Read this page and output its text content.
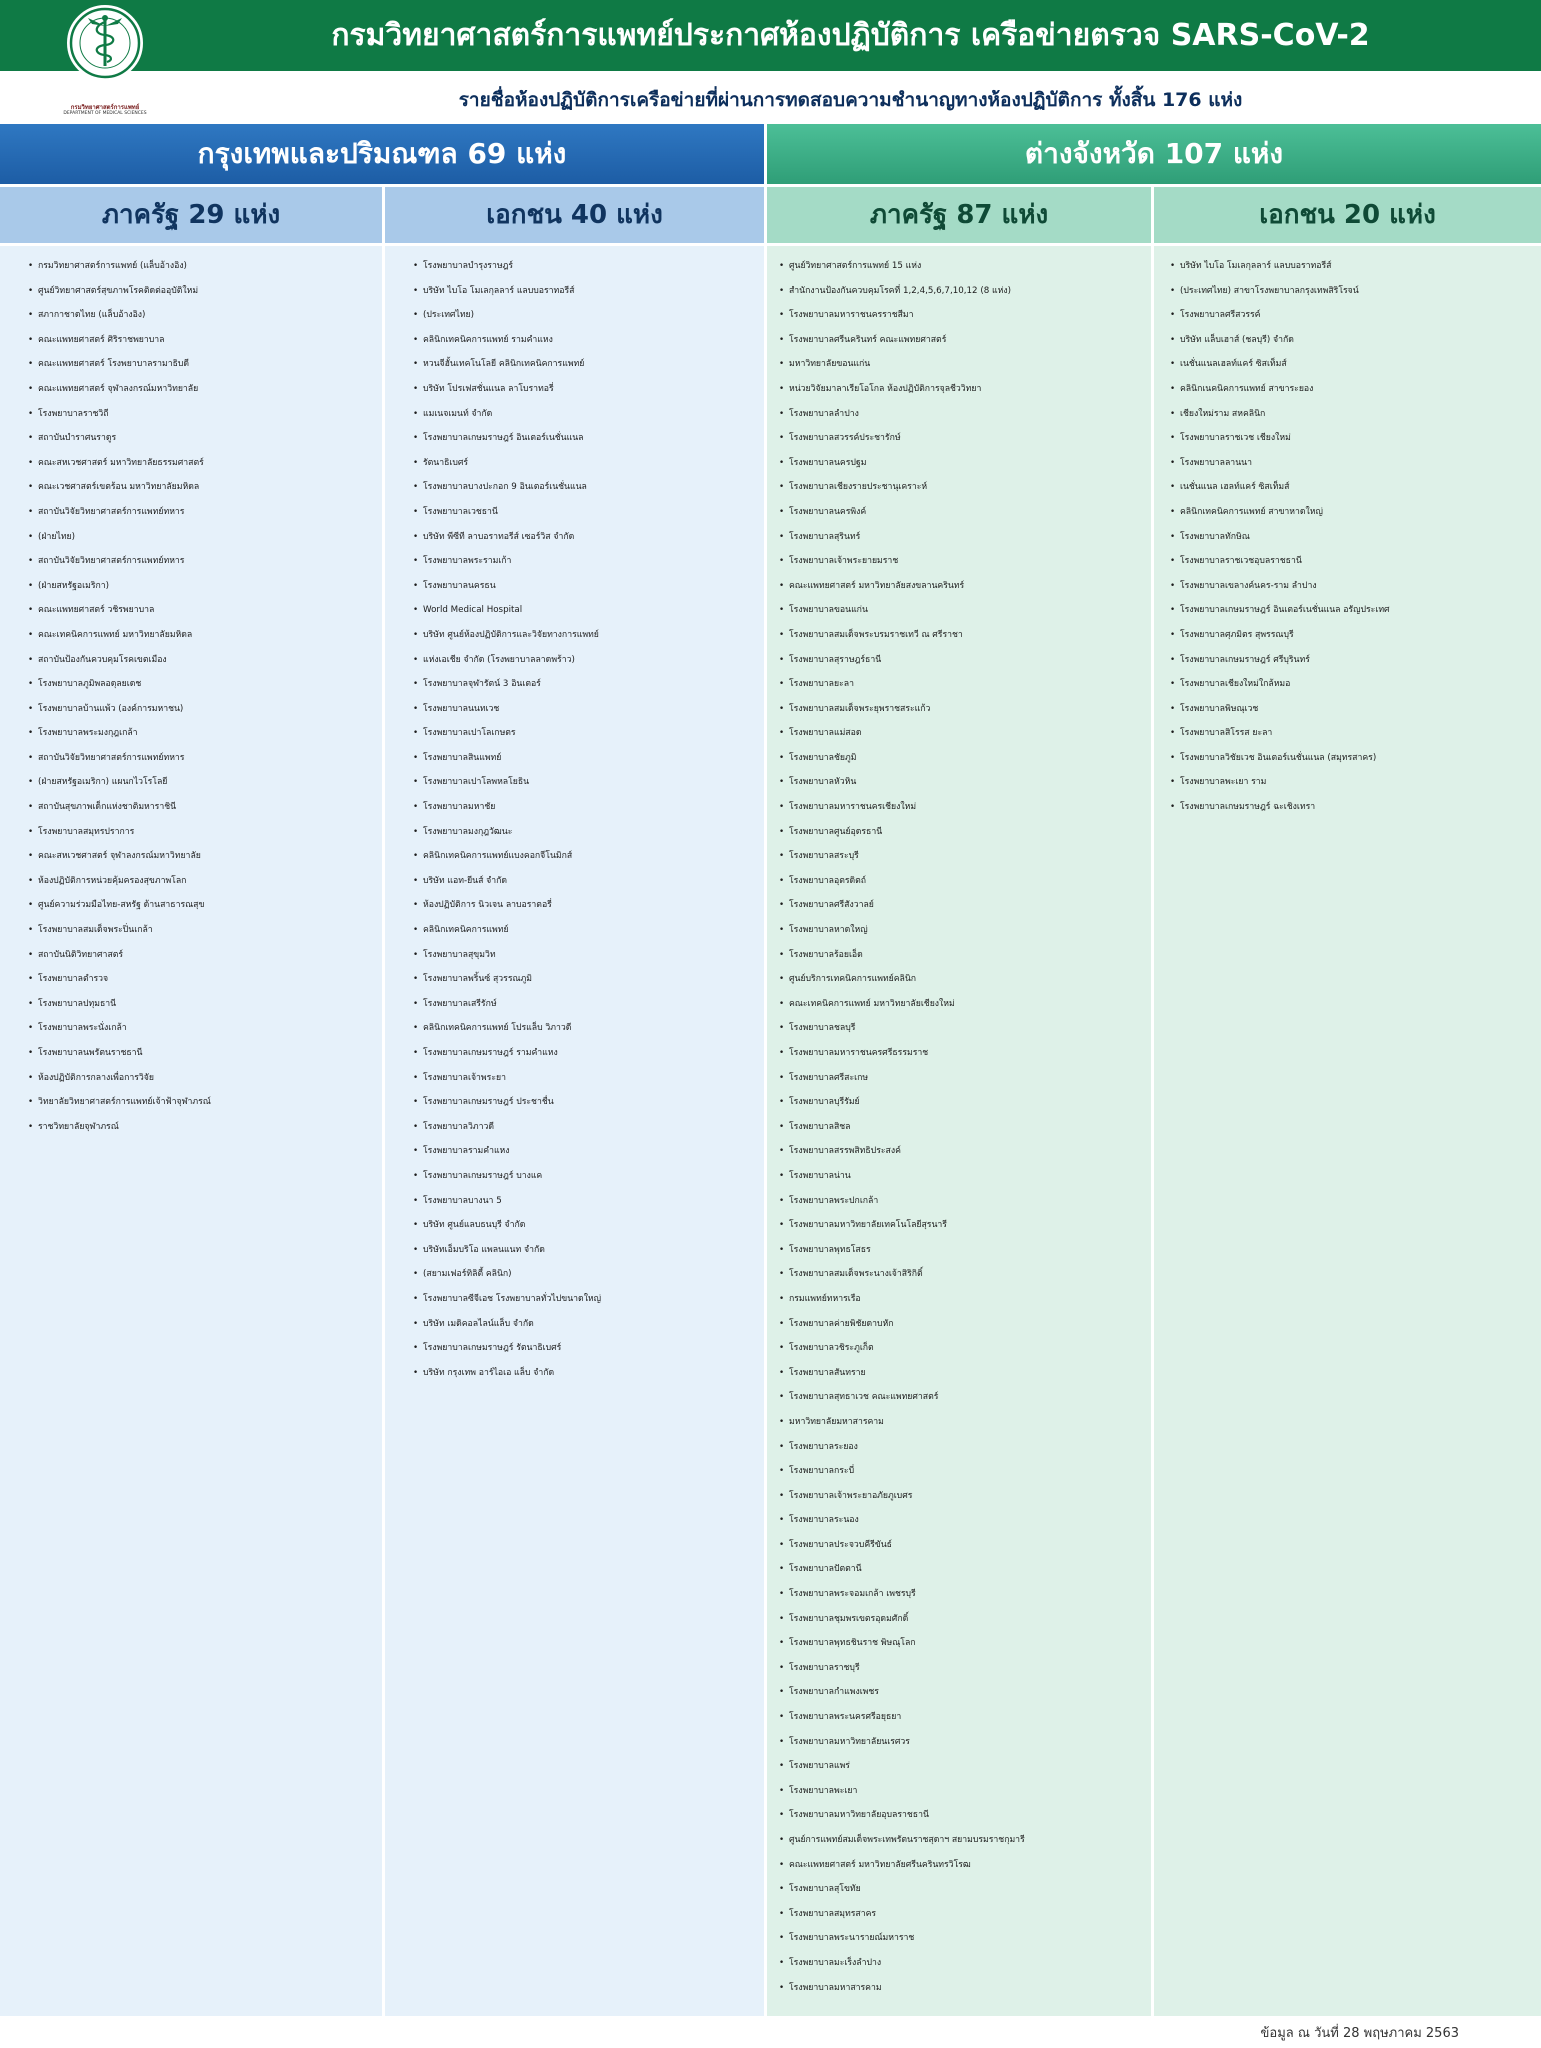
กรมวิทยาศาสตร์การแพทย์ประกาศห้องปฏิบัติการ เครือข่ายตรวจ SARS-CoV-2
กรมวิทยาศาสตร์การแพทย์
DEPARTMENT OF MEDICAL SCIENCES
รายชื่อห้องปฏิบัติการเครือข่ายที่ผ่านการทดสอบความชำนาญทางห้องปฏิบัติการ ทั้งสิ้น 176 แห่ง
กรุงเทพและปริมณฑล 69 แห่ง	ต่างจังหวัด 107 แห่ง
ภาครัฐ 29 แห่ง	เอกชน 40 แห่ง	ภาครัฐ 87 แห่ง	เอกชน 20 แห่ง
• กรมวิทยาศาสตร์การแพทย์ (แล็บอ้างอิง)
• ศูนย์วิทยาศาสตร์สุขภาพโรคติดต่ออุบัติใหม่
• สภากาชาดไทย (แล็บอ้างอิง)
• คณะแพทยศาสตร์ ศิริราชพยาบาล
• คณะแพทยศาสตร์ โรงพยาบาลรามาธิบดี
• คณะแพทยศาสตร์ จุฬาลงกรณ์มหาวิทยาลัย
• โรงพยาบาลราชวิถี
• สถาบันบำราศนราดูร
• คณะสหเวชศาสตร์ มหาวิทยาลัยธรรมศาสตร์
• คณะเวชศาสตร์เขตร้อน มหาวิทยาลัยมหิดล
• สถาบันวิจัยวิทยาศาสตร์การแพทย์ทหาร
• (ฝ่ายไทย)
• สถาบันวิจัยวิทยาศาสตร์การแพทย์ทหาร
• (ฝ่ายสหรัฐอเมริกา)
• คณะแพทยศาสตร์ วชิรพยาบาล
• คณะเทคนิคการแพทย์ มหาวิทยาลัยมหิดล
• สถาบันป้องกันควบคุมโรคเขตเมือง
• โรงพยาบาลภูมิพลอดุลยเดช
• โรงพยาบาลบ้านแพ้ว (องค์การมหาชน)
• โรงพยาบาลพระมงกุฎเกล้า
• สถาบันวิจัยวิทยาศาสตร์การแพทย์ทหาร
• (ฝ่ายสหรัฐอเมริกา) แผนกไวโรโลยี
• สถาบันสุขภาพเด็กแห่งชาติมหาราชินี
• โรงพยาบาลสมุทรปราการ
• คณะสหเวชศาสตร์ จุฬาลงกรณ์มหาวิทยาลัย
• ห้องปฏิบัติการหน่วยคุ้มครองสุขภาพโลก
• ศูนย์ความร่วมมือไทย-สหรัฐ ด้านสาธารณสุข
• โรงพยาบาลสมเด็จพระปิ่นเกล้า
• สถาบันนิติวิทยาศาสตร์
• โรงพยาบาลตำรวจ
• โรงพยาบาลปทุมธานี
• โรงพยาบาลพระนั่งเกล้า
• โรงพยาบาลนพรัตนราชธานี
• ห้องปฏิบัติการกลางเพื่อการวิจัย
• วิทยาลัยวิทยาศาสตร์การแพทย์เจ้าฟ้าจุฬาภรณ์
• ราชวิทยาลัยจุฬาภรณ์
• โรงพยาบาลบำรุงราษฎร์
• บริษัท ไบโอ โมเลกุลลาร์ แลบบอราทอรีส์
• (ประเทศไทย)
• คลินิกเทคนิคการแพทย์ รามคำแหง
• หวนจีฮั้นเทคโนโลยี คลินิกเทคนิคการแพทย์
• บริษัท โปรเฟสชั่นแนล ลาโบราทอรี่
• แมเนจเมนท์ จำกัด
• โรงพยาบาลเกษมราษฎร์ อินเตอร์เนชั่นแนล
• รัตนาธิเบศร์
• โรงพยาบาลบางปะกอก 9 อินเตอร์เนชั่นแนล
• โรงพยาบาลเวชธานี
• บริษัท พีซีที ลาบอราทอรีส์ เซอร์วิส จำกัด
• โรงพยาบาลพระรามเก้า
• โรงพยาบาลนครธน
• World Medical Hospital
• บริษัท ศูนย์ห้องปฏิบัติการและวิจัยทางการแพทย์
• แห่งเอเชีย จำกัด (โรงพยาบาลลาดพร้าว)
• โรงพยาบาลจุฬารัตน์ 3 อินเตอร์
• โรงพยาบาลนนทเวช
• โรงพยาบาลเปาโลเกษตร
• โรงพยาบาลสินแพทย์
• โรงพยาบาลเปาโลพหลโยธิน
• โรงพยาบาลมหาชัย
• โรงพยาบาลมงกุฎวัฒนะ
• คลินิกเทคนิคการแพทย์แบงคอกจีโนมิกส์
• บริษัท แอท-ยีนส์ จำกัด
• ห้องปฏิบัติการ นิวเจน ลาบอราตอรี่
• คลินิกเทคนิคการแพทย์
• โรงพยาบาลสุขุมวิท
• โรงพยาบาลพริ้นซ์ สุวรรณภูมิ
• โรงพยาบาลเสรีรักษ์
• คลินิกเทคนิคการแพทย์ โปรแล็บ วิภาวดี
• โรงพยาบาลเกษมราษฎร์ รามคำแหง
• โรงพยาบาลเจ้าพระยา
• โรงพยาบาลเกษมราษฎร์ ประชาชื่น
• โรงพยาบาลวิภาวดี
• โรงพยาบาลรามคำแหง
• โรงพยาบาลเกษมราษฎร์ บางแค
• โรงพยาบาลบางนา 5
• บริษัท ศูนย์แลบธนบุรี จำกัด
• บริษัทเอ็มบริโอ แพลนแนท จำกัด
• (สยามเฟอร์ทิลิตี้ คลินิก)
• โรงพยาบาลซีจีเอช โรงพยาบาลทั่วไปขนาดใหญ่
• บริษัท เมดิคอลไลน์แล็บ จำกัด
• โรงพยาบาลเกษมราษฎร์ รัตนาธิเบศร์
• บริษัท กรุงเทพ อาร์ไอเอ แล็บ จำกัด
• ศูนย์วิทยาศาสตร์การแพทย์ 15 แห่ง
• สำนักงานป้องกันควบคุมโรคที่ 1,2,4,5,6,7,10,12 (8 แห่ง)
• โรงพยาบาลมหาราชนครราชสีมา
• โรงพยาบาลศรีนครินทร์ คณะแพทยศาสตร์
• มหาวิทยาลัยขอนแก่น
• หน่วยวิจัยมาลาเรียโอโกล ห้องปฏิบัติการจุลชีววิทยา
• โรงพยาบาลลำปาง
• โรงพยาบาลสวรรค์ประชารักษ์
• โรงพยาบาลนครปฐม
• โรงพยาบาลเชียงรายประชานุเคราะห์
• โรงพยาบาลนครพิงค์
• โรงพยาบาลสุรินทร์
• โรงพยาบาลเจ้าพระยายมราช
• คณะแพทยศาสตร์ มหาวิทยาลัยสงขลานครินทร์
• โรงพยาบาลขอนแก่น
• โรงพยาบาลสมเด็จพระบรมราชเทวี ณ ศรีราชา
• โรงพยาบาลสุราษฎร์ธานี
• โรงพยาบาลยะลา
• โรงพยาบาลสมเด็จพระยุพราชสระแก้ว
• โรงพยาบาลแม่สอด
• โรงพยาบาลชัยภูมิ
• โรงพยาบาลหัวหิน
• โรงพยาบาลมหาราชนครเชียงใหม่
• โรงพยาบาลศูนย์อุดรธานี
• โรงพยาบาลสระบุรี
• โรงพยาบาลอุตรดิตถ์
• โรงพยาบาลศรีสังวาลย์
• โรงพยาบาลหาดใหญ่
• โรงพยาบาลร้อยเอ็ด
• ศูนย์บริการเทคนิคการแพทย์คลินิก
• คณะเทคนิคการแพทย์ มหาวิทยาลัยเชียงใหม่
• โรงพยาบาลชลบุรี
• โรงพยาบาลมหาราชนครศรีธรรมราช
• โรงพยาบาลศรีสะเกษ
• โรงพยาบาลบุรีรัมย์
• โรงพยาบาลสิชล
• โรงพยาบาลสรรพสิทธิประสงค์
• โรงพยาบาลน่าน
• โรงพยาบาลพระปกเกล้า
• โรงพยาบาลมหาวิทยาลัยเทคโนโลยีสุรนารี
• โรงพยาบาลพุทธโสธร
• โรงพยาบาลสมเด็จพระนางเจ้าสิริกิติ์
• กรมแพทย์ทหารเรือ
• โรงพยาบาลค่ายพิชัยดาบหัก
• โรงพยาบาลวชิระภูเก็ต
• โรงพยาบาลสันทราย
• โรงพยาบาลสุทธาเวช คณะแพทยศาสตร์
• มหาวิทยาลัยมหาสารคาม
• โรงพยาบาลระยอง
• โรงพยาบาลกระบี่
• โรงพยาบาลเจ้าพระยาอภัยภูเบศร
• โรงพยาบาลระนอง
• โรงพยาบาลประจวบคีรีขันธ์
• โรงพยาบาลปัตตานี
• โรงพยาบาลพระจอมเกล้า เพชรบุรี
• โรงพยาบาลชุมพรเขตรอุดมศักดิ์
• โรงพยาบาลพุทธชินราช พิษณุโลก
• โรงพยาบาลราชบุรี
• โรงพยาบาลกำแพงเพชร
• โรงพยาบาลพระนครศรีอยุธยา
• โรงพยาบาลมหาวิทยาลัยนเรศวร
• โรงพยาบาลแพร่
• โรงพยาบาลพะเยา
• โรงพยาบาลมหาวิทยาลัยอุบลราชธานี
• ศูนย์การแพทย์สมเด็จพระเทพรัตนราชสุดาฯ สยามบรมราชกุมารี
• คณะแพทยศาสตร์ มหาวิทยาลัยศรีนครินทรวิโรฒ
• โรงพยาบาลสุโขทัย
• โรงพยาบาลสมุทรสาคร
• โรงพยาบาลพระนารายณ์มหาราช
• โรงพยาบาลมะเร็งลำปาง
• โรงพยาบาลมหาสารคาม
• บริษัท ไบโอ โมเลกุลลาร์ แลบบอราทอรีส์
• (ประเทศไทย) สาขาโรงพยาบาลกรุงเทพสิริโรจน์
• โรงพยาบาลศรีสวรรค์
• บริษัท แล็บเฮาส์ (ชลบุรี) จำกัด
• เนชั่นแนลเฮลท์แคร์ ซิสเท็มส์
• คลินิกเนคนิคการแพทย์ สาขาระยอง
• เชียงใหม่ราม สหคลินิก
• โรงพยาบาลราชเวช เชียงใหม่
• โรงพยาบาลลานนา
• เนชั่นแนล เฮลท์แคร์ ซิสเท็มส์
• คลินิกเทคนิคการแพทย์ สาขาหาดใหญ่
• โรงพยาบาลทักษิณ
• โรงพยาบาลราชเวชอุบลราชธานี
• โรงพยาบาลเขลางค์นคร-ราม ลำปาง
• โรงพยาบาลเกษมราษฎร์ อินเตอร์เนชั่นแนล อรัญประเทศ
• โรงพยาบาลศุภมิตร สุพรรณบุรี
• โรงพยาบาลเกษมราษฎร์ ศรีบุรินทร์
• โรงพยาบาลเชียงใหม่ใกล้หมอ
• โรงพยาบาลพิษณุเวช
• โรงพยาบาลสิโรรส ยะลา
• โรงพยาบาลวิชัยเวช อินเตอร์เนชั่นแนล (สมุทรสาคร)
• โรงพยาบาลพะเยา ราม
• โรงพยาบาลเกษมราษฎร์ ฉะเชิงเทรา
ข้อมูล ณ วันที่ 28 พฤษภาคม 2563
